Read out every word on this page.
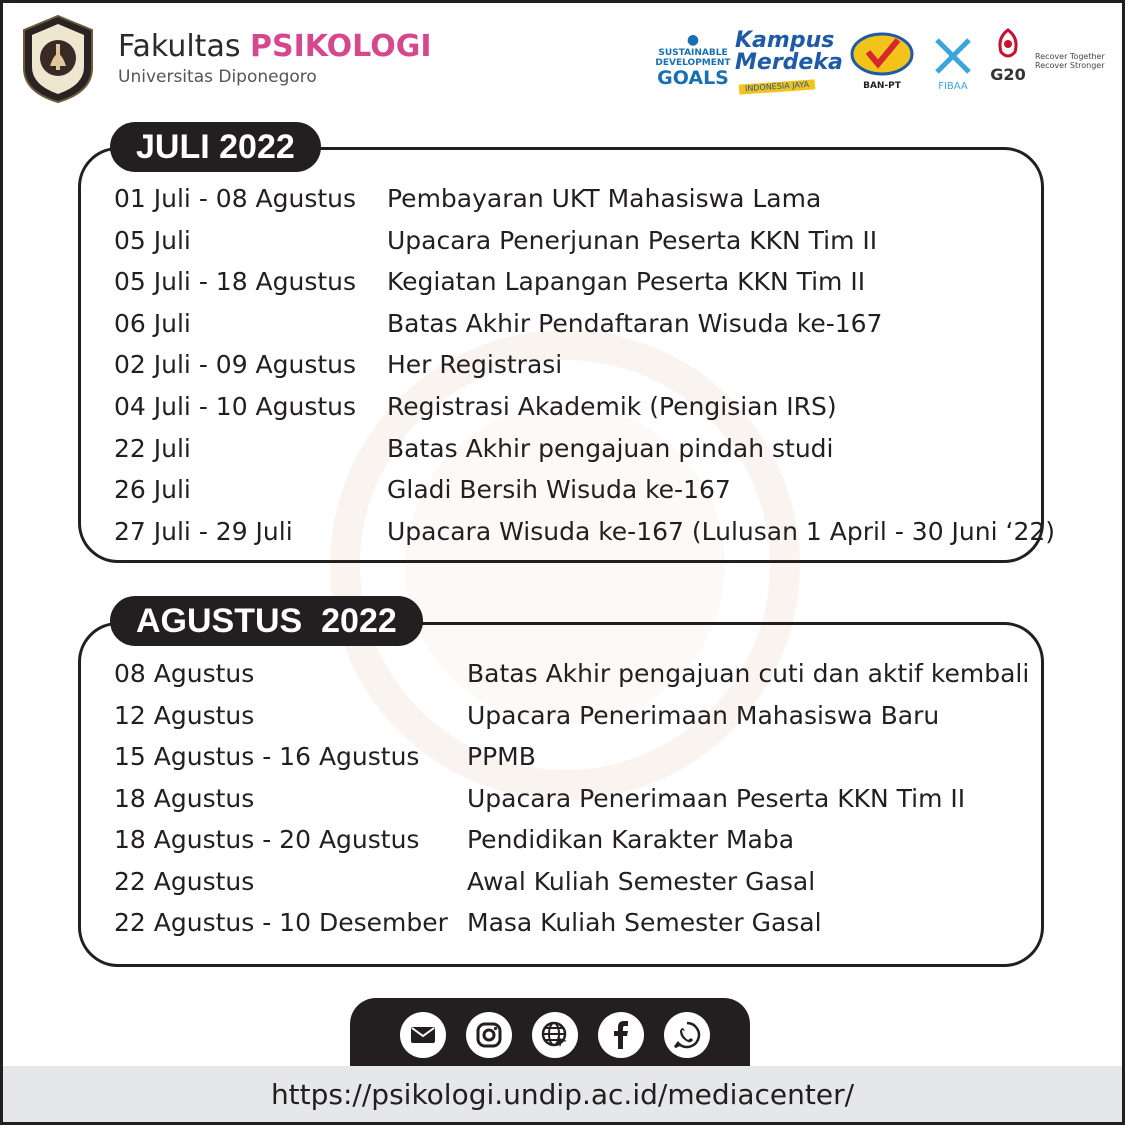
Fakultas PSIKOLOGI
Universitas Diponegoro
●
SUSTAINABLE
DEVELOPMENT
GOALS
Kampus
Merdeka
INDONESIA JAYA	BAN-PT	FIBAA
G20
Recover Together
Recover Stronger
JULI 2022
01 Juli - 08 Agustus Pembayaran UKT Mahasiswa Lama
05 Juli	Upacara Penerjunan Peserta KKN Tim II
05 Juli - 18 Agustus Kegiatan Lapangan Peserta KKN Tim II
06 Juli	Batas Akhir Pendaftaran Wisuda ke-167
02 Juli - 09 Agustus Her Registrasi
04 Juli - 10 Agustus Registrasi Akademik (Pengisian IRS)
22 Juli	Batas Akhir pengajuan pindah studi
26 Juli	Gladi Bersih Wisuda ke-167
27 Juli - 29 Juli	Upacara Wisuda ke-167 (Lulusan 1 April - 30 Juni ‘22)
AGUSTUS  2022
08 Agustus	Batas Akhir pengajuan cuti dan aktif kembali
12 Agustus	Upacara Penerimaan Mahasiswa Baru
15 Agustus - 16 Agustus PPMB
18 Agustus	Upacara Penerimaan Peserta KKN Tim II
18 Agustus - 20 Agustus Pendidikan Karakter Maba
22 Agustus	Awal Kuliah Semester Gasal
22 Agustus - 10 Desember Masa Kuliah Semester Gasal
https://psikologi.undip.ac.id/mediacenter/
